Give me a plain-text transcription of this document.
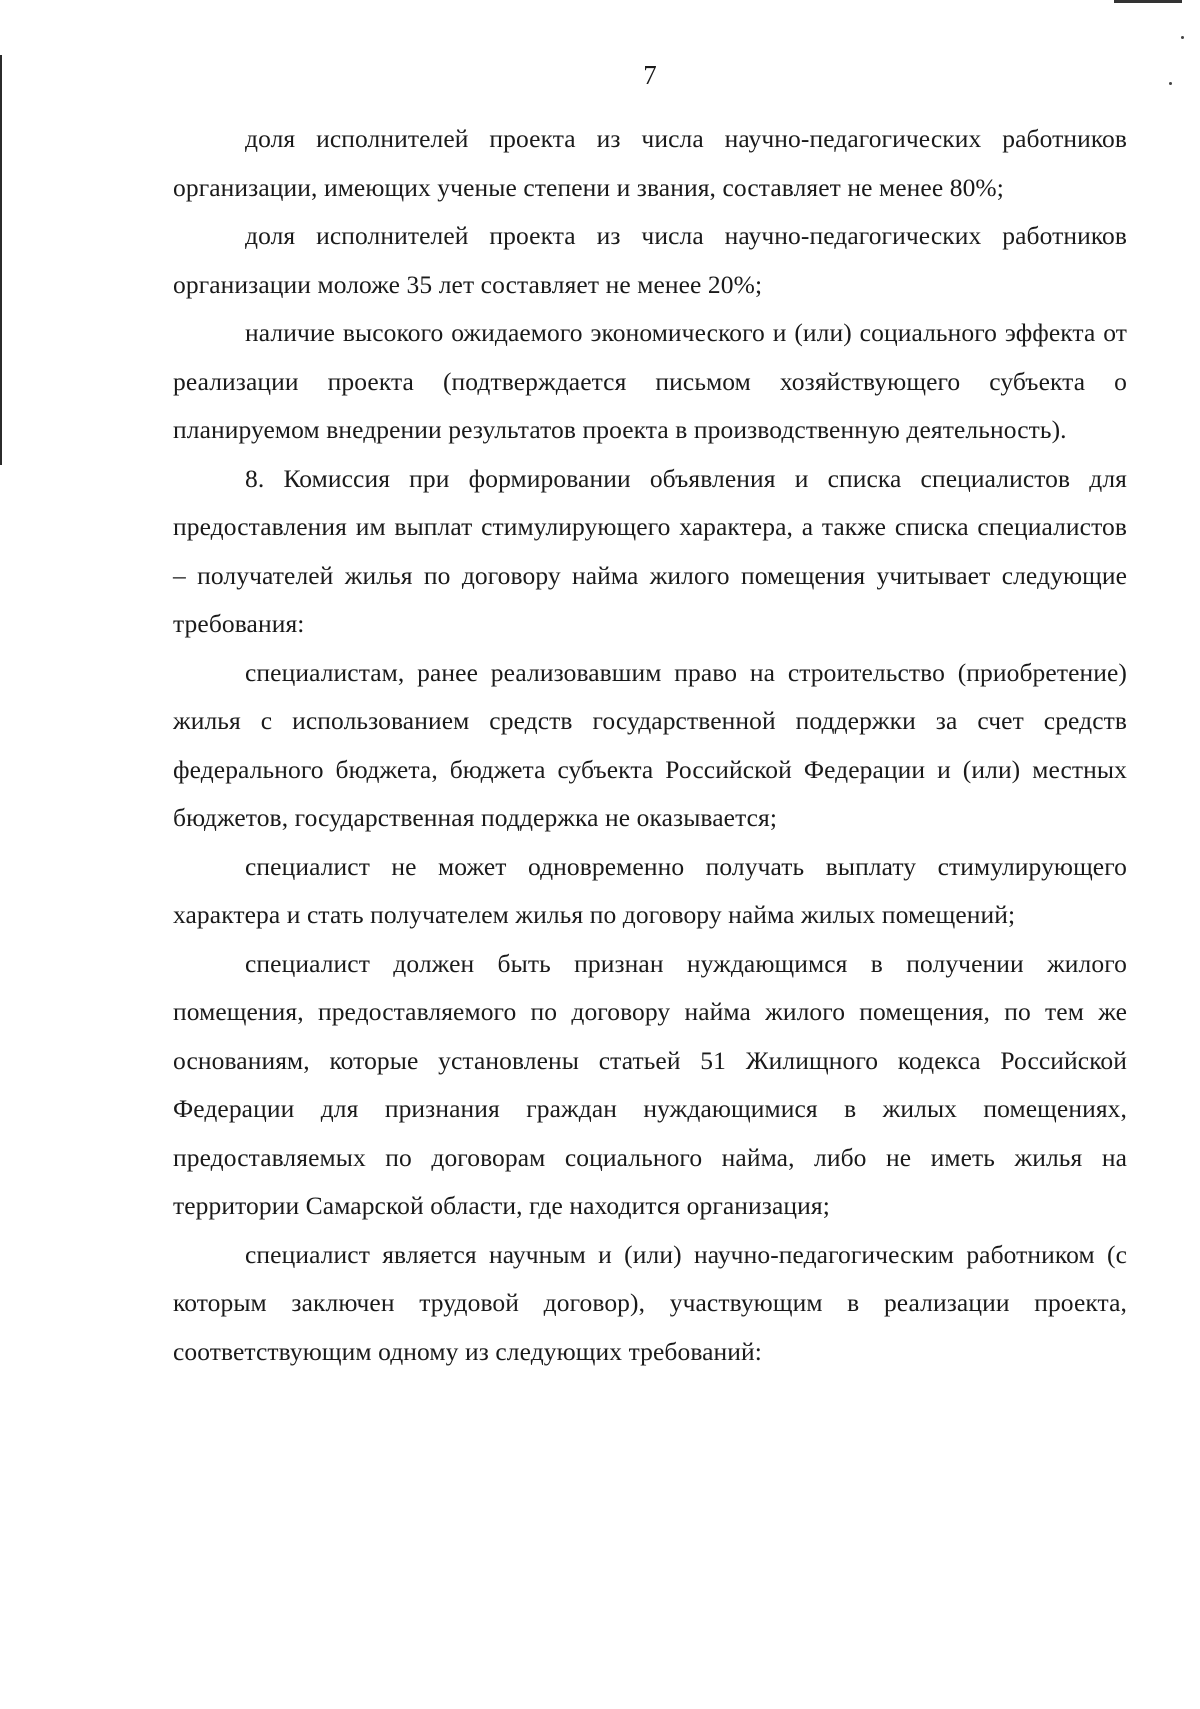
7

доля исполнителей проекта из числа научно-педагогических работников организации, имеющих ученые степени и звания, составляет не менее 80%;

доля исполнителей проекта из числа научно-педагогических работников организации моложе 35 лет составляет не менее 20%;

наличие высокого ожидаемого экономического и (или) социального эффекта от реализации проекта (подтверждается письмом хозяйствующего субъекта о планируемом внедрении результатов проекта в производственную деятельность).

8. Комиссия при формировании объявления и списка специалистов для предоставления им выплат стимулирующего характера, а также списка специалистов – получателей жилья по договору найма жилого помещения учитывает следующие требования:

специалистам, ранее реализовавшим право на строительство (приобретение) жилья с использованием средств государственной поддержки за счет средств федерального бюджета, бюджета субъекта Российской Федерации и (или) местных бюджетов, государственная поддержка не оказывается;

специалист не может одновременно получать выплату стимулирующего характера и стать получателем жилья по договору найма жилых помещений;

специалист должен быть признан нуждающимся в получении жилого помещения, предоставляемого по договору найма жилого помещения, по тем же основаниям, которые установлены статьей 51 Жилищного кодекса Российской Федерации для признания граждан нуждающимися в жилых помещениях, предоставляемых по договорам социального найма, либо не иметь жилья на территории Самарской области, где находится организация;

специалист является научным и (или) научно-педагогическим работником (с которым заключен трудовой договор), участвующим в реализации проекта, соответствующим одному из следующих требований:
